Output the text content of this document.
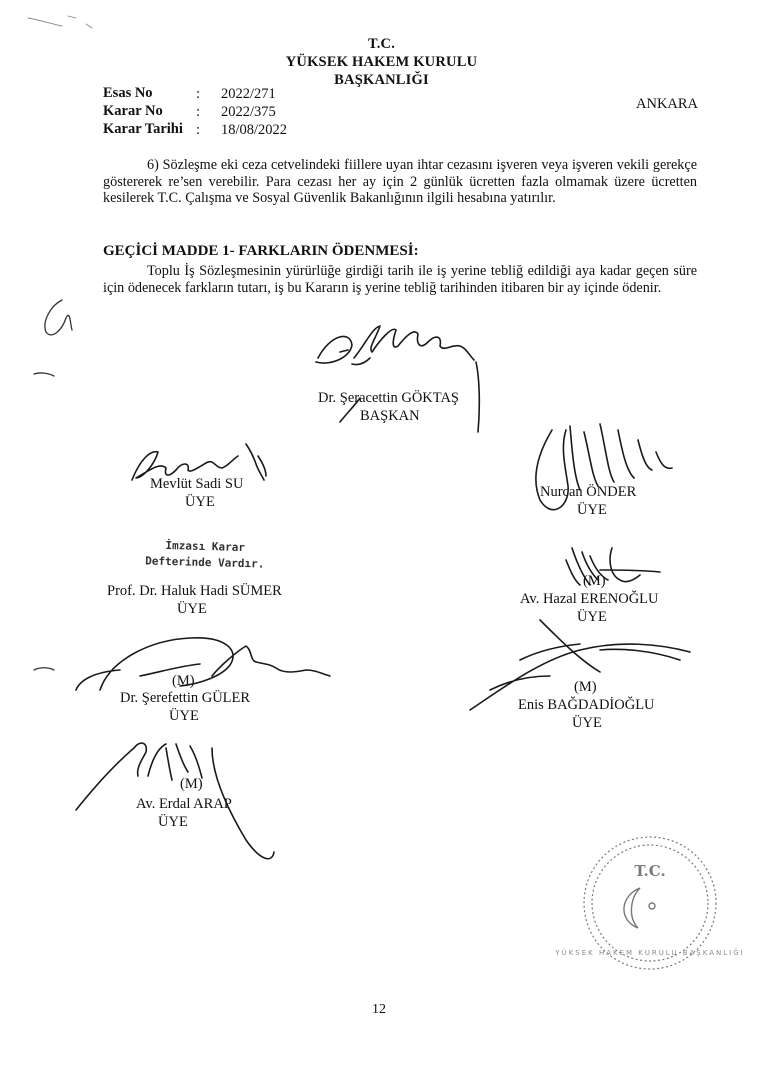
T.C.
YÜKSEK HAKEM KURULU
BAŞKANLIĞI
Esas No	: 2022/271
Karar No : 2022/375
Karar Tarihi : 18/08/2022
ANKARA
6) Sözleşme eki ceza cetvelindeki fiillere uyan ihtar cezasını işveren veya işveren vekili gerekçe göstererek re’sen verebilir. Para cezası her ay için 2 günlük ücretten fazla olmamak üzere ücretten kesilerek T.C. Çalışma ve Sosyal Güvenlik Bakanlığının ilgili hesabına yatırılır.
GEÇİCİ MADDE 1- FARKLARIN ÖDENMESİ:
Toplu İş Sözleşmesinin yürürlüğe girdiği tarih ile iş yerine tebliğ edildiği aya kadar geçen süre için ödenecek farkların tutarı, iş bu Kararın iş yerine tebliğ tarihinden itibaren bir ay içinde ödenir.
Dr. Şeracettin GÖKTAŞ
BAŞKAN
Mevlüt Sadi SU
ÜYE
Nurcan ÖNDER
ÜYE
İmzası Karar Defterinde Vardır.
Prof. Dr. Haluk Hadi SÜMER
ÜYE
(M)
Av. Hazal ERENOĞLU
ÜYE
(M)
Dr. Şerefettin GÜLER
ÜYE
(M)
Enis BAĞDADİOĞLU
ÜYE
(M)
Av. Erdal ARAP
ÜYE
12
T.C.
YÜKSEK HAKEM KURULU BAŞKANLIĞI
